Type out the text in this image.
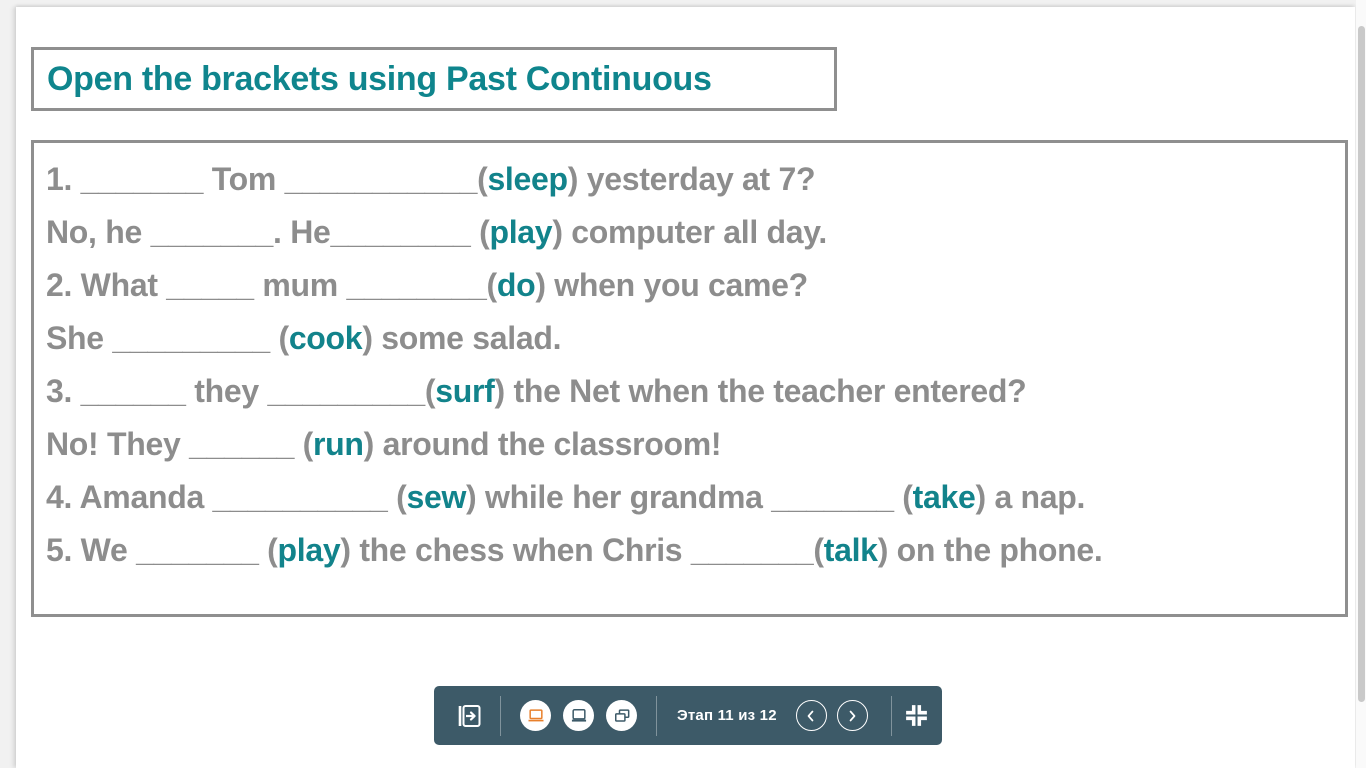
Open the brackets using Past Continuous
1. _______ Tom ___________(sleep) yesterday at 7?
No, he _______. He________ (play) computer all day.
2. What _____ mum ________(do) when you came?
She _________ (cook) some salad.
3. ______ they _________(surf) the Net when the teacher entered?
No! They ______ (run) around the classroom!
4. Amanda __________ (sew) while her grandma _______ (take) a nap.
5. We _______ (play) the chess when Chris _______(talk) on the phone.
Этап 11 из 12
